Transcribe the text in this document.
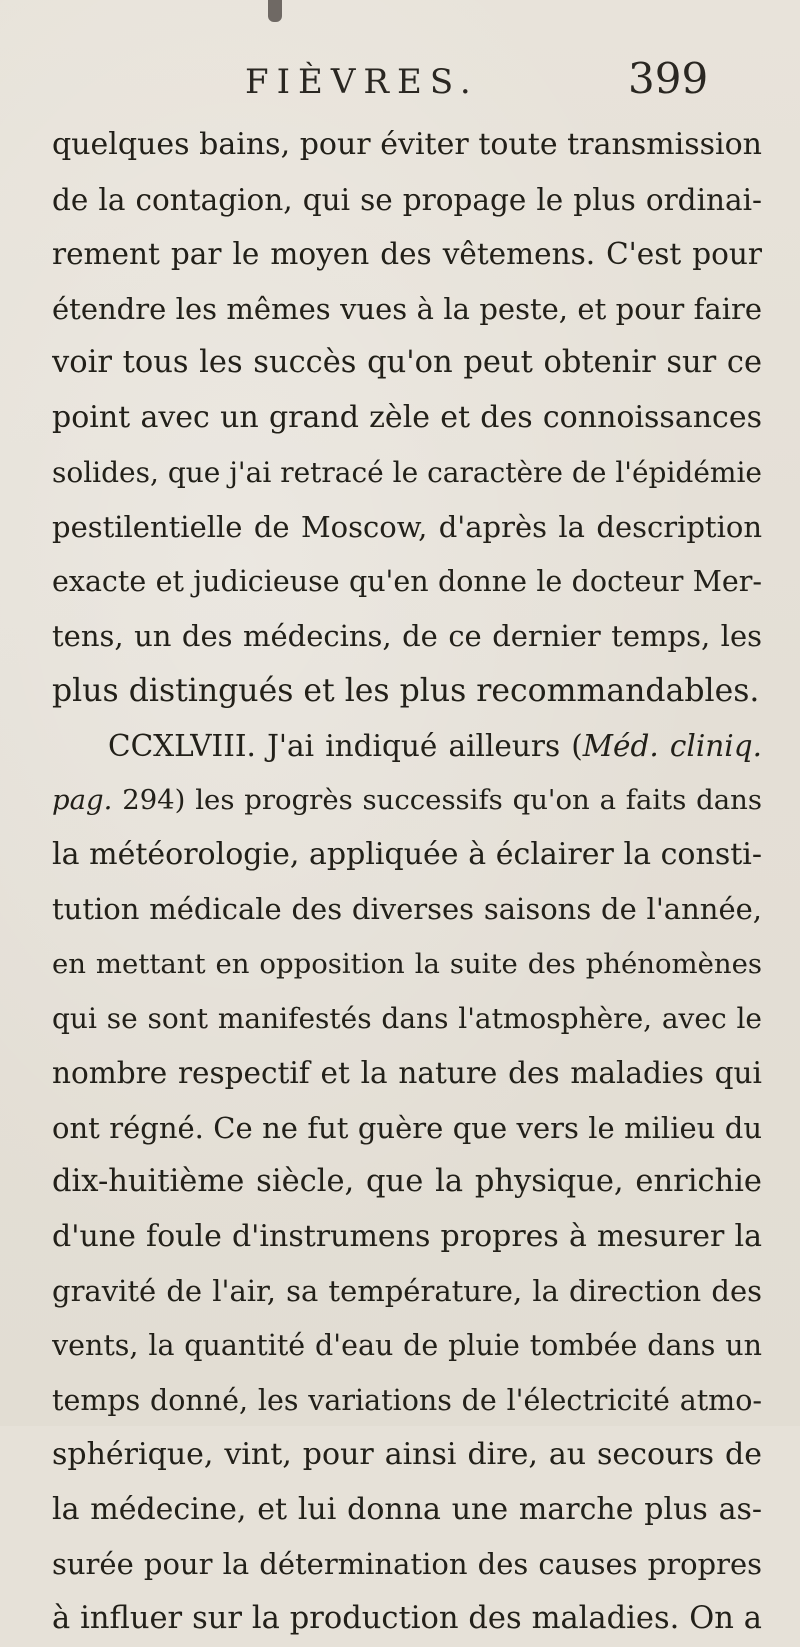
FIÈVRES.	399
quelques bains, pour éviter toute transmission
de la contagion, qui se propage le plus ordinai-
rement par le moyen des vêtemens. C'est pour
étendre les mêmes vues à la peste, et pour faire
voir tous les succès qu'on peut obtenir sur ce
point avec un grand zèle et des connoissances
solides, que j'ai retracé le caractère de l'épidémie
pestilentielle de Moscow, d'après la description
exacte et judicieuse qu'en donne le docteur Mer-
tens, un des médecins, de ce dernier temps, les
plus distingués et les plus recommandables.
CCXLVIII. J'ai indiqué ailleurs (Méd. cliniq.
pag. 294) les progrès successifs qu'on a faits dans
la météorologie, appliquée à éclairer la consti-
tution médicale des diverses saisons de l'année,
en mettant en opposition la suite des phénomènes
qui se sont manifestés dans l'atmosphère, avec le
nombre respectif et la nature des maladies qui
ont régné. Ce ne fut guère que vers le milieu du
dix-huitième siècle, que la physique, enrichie
d'une foule d'instrumens propres à mesurer la
gravité de l'air, sa température, la direction des
vents, la quantité d'eau de pluie tombée dans un
temps donné, les variations de l'électricité atmo-
sphérique, vint, pour ainsi dire, au secours de
la médecine, et lui donna une marche plus as-
surée pour la détermination des causes propres
à influer sur la production des maladies. On a
